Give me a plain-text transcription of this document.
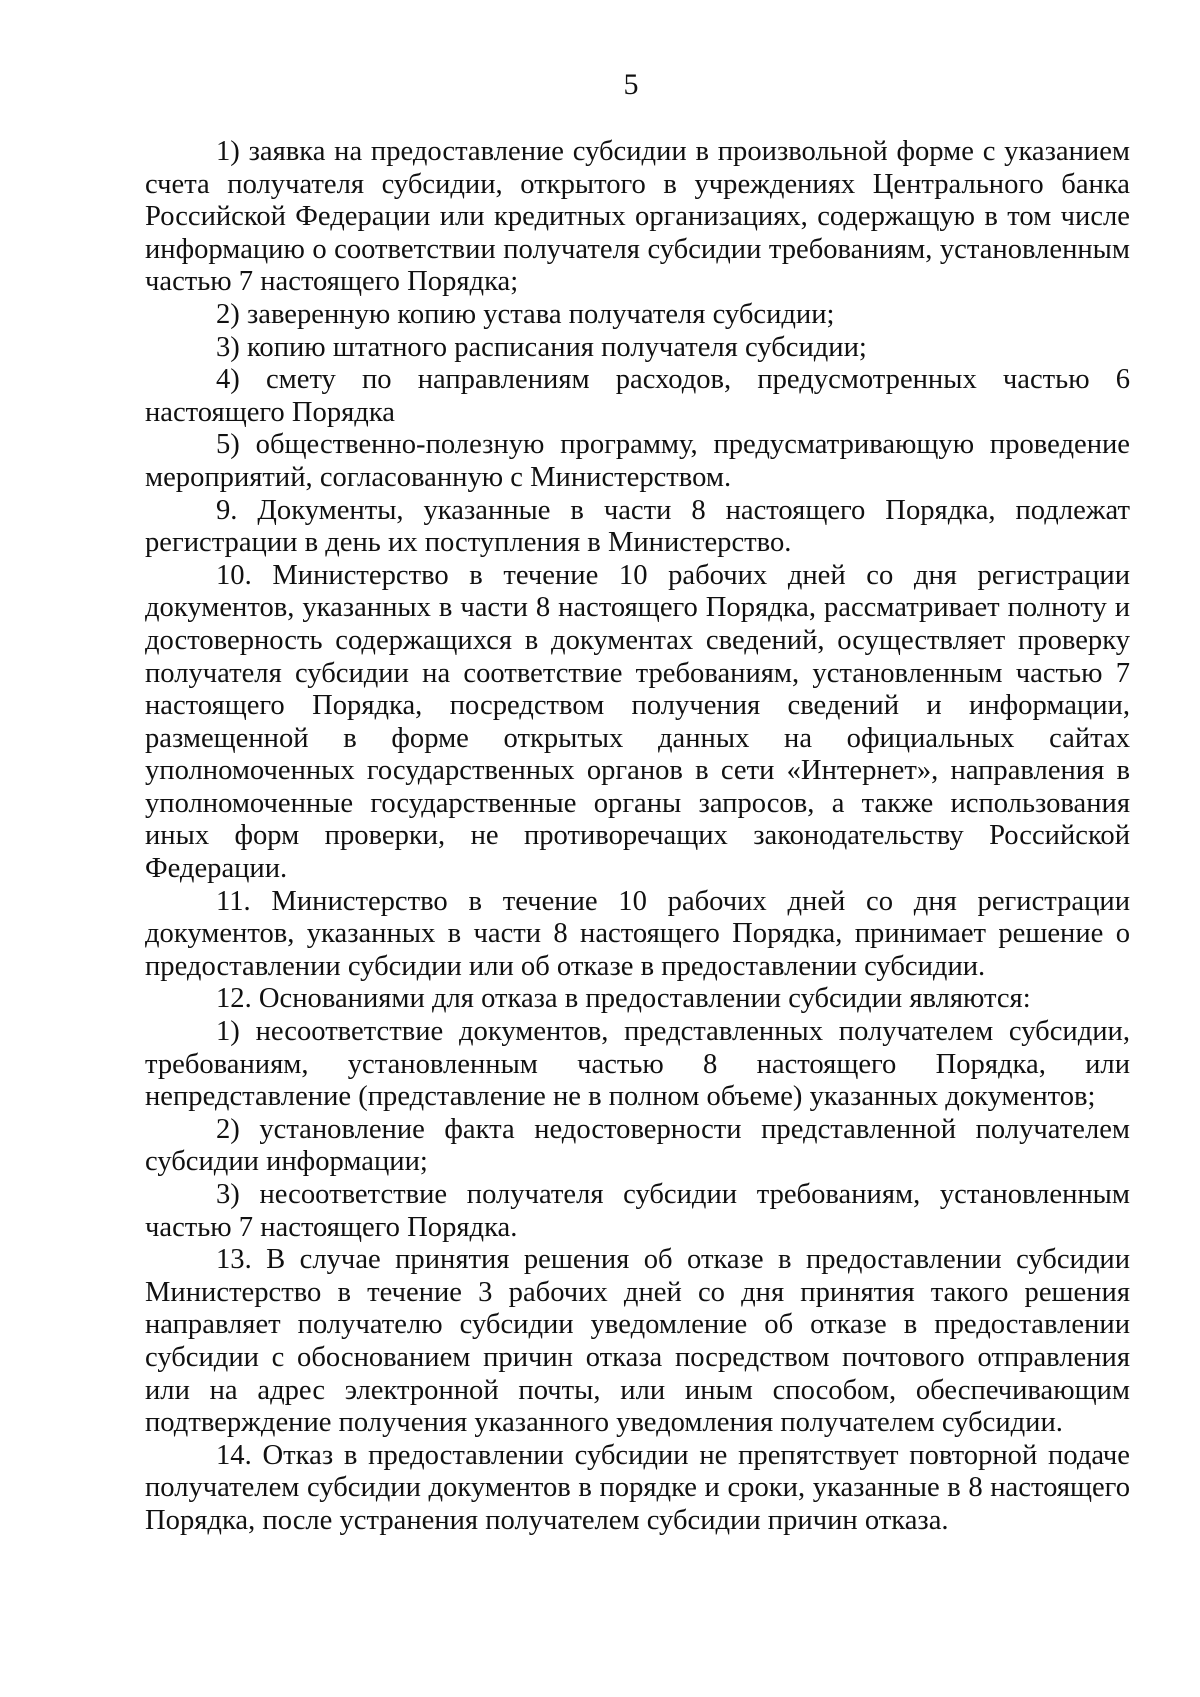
5

1) заявка на предоставление субсидии в произвольной форме с указанием счета получателя субсидии, открытого в учреждениях Центрального банка Российской Федерации или кредитных организациях, содержащую в том числе информацию о соответствии получателя субсидии требованиям, установленным частью 7 настоящего Порядка;

2) заверенную копию устава получателя субсидии;

3) копию штатного расписания получателя субсидии;

4) смету по направлениям расходов, предусмотренных частью 6 настоящего Порядка

5) общественно-полезную программу, предусматривающую проведение мероприятий, согласованную с Министерством.

9. Документы, указанные в части 8 настоящего Порядка, подлежат регистрации в день их поступления в Министерство.

10. Министерство в течение 10 рабочих дней со дня регистрации документов, указанных в части 8 настоящего Порядка, рассматривает полноту и достоверность содержащихся в документах сведений, осуществляет проверку получателя субсидии на соответствие требованиям, установленным частью 7 настоящего Порядка, посредством получения сведений и информации, размещенной в форме открытых данных на официальных сайтах уполномоченных государственных органов в сети «Интернет», направления в уполномоченные государственные органы запросов, а также использования иных форм проверки, не противоречащих законодательству Российской Федерации.

11. Министерство в течение 10 рабочих дней со дня регистрации документов, указанных в части 8 настоящего Порядка, принимает решение о предоставлении субсидии или об отказе в предоставлении субсидии.

12. Основаниями для отказа в предоставлении субсидии являются:

1) несоответствие документов, представленных получателем субсидии, требованиям, установленным частью 8 настоящего Порядка, или непредставление (представление не в полном объеме) указанных документов;

2) установление факта недостоверности представленной получателем субсидии информации;

3) несоответствие получателя субсидии требованиям, установленным частью 7 настоящего Порядка.

13. В случае принятия решения об отказе в предоставлении субсидии Министерство в течение 3 рабочих дней со дня принятия такого решения направляет получателю субсидии уведомление об отказе в предоставлении субсидии с обоснованием причин отказа посредством почтового отправления или на адрес электронной почты, или иным способом, обеспечивающим подтверждение получения указанного уведомления получателем субсидии.

14. Отказ в предоставлении субсидии не препятствует повторной подаче получателем субсидии документов в порядке и сроки, указанные в 8 настоящего Порядка, после устранения получателем субсидии причин отказа.
